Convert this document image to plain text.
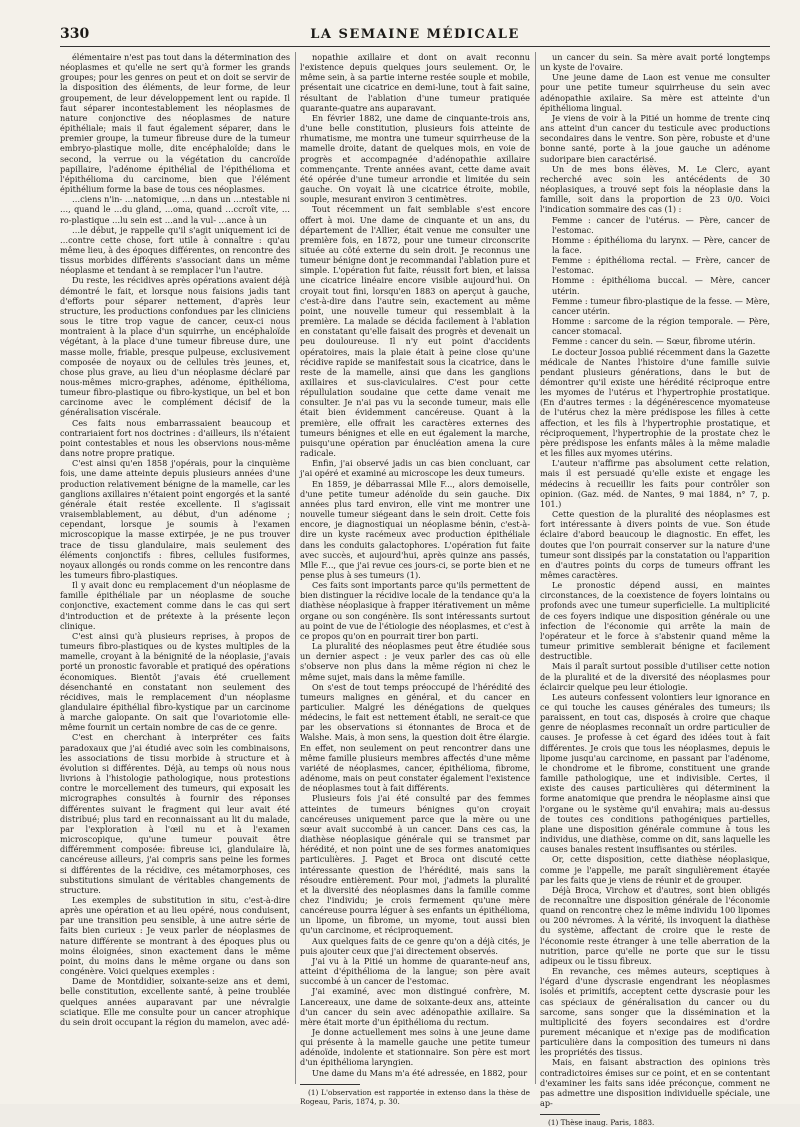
330	LA SEMAINE MÉDICALE

élémentaire n'est pas tout dans la détermination des néoplasmes et qu'elle ne sert qu'à former les grands groupes; pour les genres on peut et on doit se servir de la disposition des éléments, de leur forme, de leur groupement, de leur développement lent ou rapide. Il faut séparer incontestablement les néoplasmes de nature conjonctive des néoplasmes de nature épithéliale; mais il faut également séparer, dans le premier groupe, la tumeur fibreuse dure de la tumeur embryo-plastique molle, dite encéphaloïde; dans le second, la verrue ou la végétation du cancroïde papillaire, l'adénome épithélial de l'épithélioma et l'épithélioma du carcinome, bien que l'élément épithélium forme la base de tous ces néoplasmes.

…ciens n'in- …natomique, …n dans un …ntestable ni …, quand le …du gland, …oma, quand …ccroît vite, …ro-plastique …lu sein est …and la vul- …ance à un

…le début, je rappelle qu'il s'agit uniquement ici de …contre cette chose, fort utile à connaître : qu'au même lieu, à des époques différentes, on rencontre des tissus morbides différents s'associant dans un même néoplasme et tendant à se remplacer l'un l'autre.

Du reste, les récidives après opérations avaient déjà démontré le fait, et lorsque nous faisions jadis tant d'efforts pour séparer nettement, d'après leur structure, les productions confondues par les cliniciens sous le titre trop vague de cancer, ceux-ci nous montraient à la place d'un squirrhe, un encéphaloïde végétant, à la place d'une tumeur fibreuse dure, une masse molle, friable, presque pulpeuse, exclusivement composée de noyaux ou de cellules très jeunes, et, chose plus grave, au lieu d'un néoplasme déclaré par nous-mêmes micro-graphes, adénome, épithélioma, tumeur fibro-plastique ou fibro-kystique, un bel et bon carcinome avec le complément décisif de la généralisation viscérale.

Ces faits nous embarrassaient beaucoup et contrariaient fort nos doctrines : d'ailleurs, ils n'étaient point contestables et nous les observions nous-même dans notre propre pratique.

C'est ainsi qu'en 1858 j'opérais, pour la cinquième fois, une dame atteinte depuis plusieurs années d'une production relativement bénigne de la mamelle, car les ganglions axillaires n'étaient point engorgés et la santé générale était restée excellente. Il s'agissait vraisemblablement, au début, d'un adénome ; cependant, lorsque je soumis à l'examen microscopique la masse extirpée, je ne pus trouver trace de tissu glandulaire, mais seulement des éléments conjonctifs : fibres, cellules fusiformes, noyaux allongés ou ronds comme on les rencontre dans les tumeurs fibro-plastiques.

Il y avait donc eu remplacement d'un néoplasme de famille épithéliale par un néoplasme de souche conjonctive, exactement comme dans le cas qui sert d'introduction et de prétexte à la présente leçon clinique.

C'est ainsi qu'à plusieurs reprises, à propos de tumeurs fibro-plastiques ou de kystes multiples de la mamelle, croyant à la bénignité de la néoplasie, j'avais porté un pronostic favorable et pratiqué des opérations économiques. Bientôt j'avais été cruellement désenchanté en constatant non seulement des récidives, mais le remplacement d'un néoplasme glandulaire épithélial fibro-kystique par un carcinome à marche galopante. On sait que l'ovariotomie elle-même fournit un certain nombre de cas de ce genre.

C'est en cherchant à interpréter ces faits paradoxaux que j'ai étudié avec soin les combinaisons, les associations de tissu morbide à structure et à évolution si différentes. Déjà, au temps où nous nous livrions à l'histologie pathologique, nous protestions contre le morcellement des tumeurs, qui exposait les micrographes consultés à fournir des réponses différentes suivant le fragment qui leur avait été distribué; plus tard en reconnaissant au lit du malade, par l'exploration à l'œil nu et à l'examen microscopique, qu'une tumeur pouvait être différemment composée: fibreuse ici, glandulaire là, cancéreuse ailleurs, j'ai compris sans peine les formes si différentes de la récidive, ces métamorphoses, ces substitutions simulant de véritables changements de structure.

Les exemples de substitution in situ, c'est-à-dire après une opération et au lieu opéré, nous conduisent, par une transition peu sensible, à une autre série de faits bien curieux : Je veux parler de néoplasmes de nature différente se montrant à des époques plus ou moins éloignées, sinon exactement dans le même point, du moins dans le même organe ou dans son congénère. Voici quelques exemples :

Dame de Montdidier, soixante-seize ans et demi, belle constitution, excellente santé, à peine troublée quelques années auparavant par une névralgie sciatique. Elle me consulte pour un cancer atrophique du sein droit occupant la région du mamelon, avec adé-

nopathie axillaire et dont on avait reconnu l'existence depuis quelques jours seulement. Or, le même sein, à sa partie interne restée souple et mobile, présentait une cicatrice en demi-lune, tout à fait saine, résultant de l'ablation d'une tumeur pratiquée quarante-quatre ans auparavant.

En février 1882, une dame de cinquante-trois ans, d'une belle constitution, plusieurs fois atteinte de rhumatisme, me montra une tumeur squirrheuse de la mamelle droite, datant de quelques mois, en voie de progrès et accompagnée d'adénopathie axillaire commençante. Trente années avant, cette dame avait été opérée d'une tumeur arrondie et limitée du sein gauche. On voyait là une cicatrice étroite, mobile, souple, mesurant environ 3 centimètres.

Tout récemment un fait semblable s'est encore offert à moi. Une dame de cinquante et un ans, du département de l'Allier, était venue me consulter une première fois, en 1872, pour une tumeur circonscrite située au côté externe du sein droit. Je reconnus une tumeur bénigne dont je recommandai l'ablation pure et simple. L'opération fut faite, réussit fort bien, et laissa une cicatrice linéaire encore visible aujourd'hui. On croyait tout fini, lorsqu'en 1883 on aperçut à gauche, c'est-à-dire dans l'autre sein, exactement au même point, une nouvelle tumeur qui ressemblait à la première. La malade se décida facilement à l'ablation en constatant qu'elle faisait des progrès et devenait un peu douloureuse. Il n'y eut point d'accidents opératoires, mais la plaie était à peine close qu'une récidive rapide se manifestait sous la cicatrice, dans le reste de la mamelle, ainsi que dans les ganglions axillaires et sus-claviculaires. C'est pour cette répullulation soudaine que cette dame venait me consulter. Je n'ai pas vu la seconde tumeur, mais elle était bien évidemment cancéreuse. Quant à la première, elle offrait les caractères externes des tumeurs bénignes et elle en eut également la marche, puisqu'une opération par énucléation amena la cure radicale.

Enfin, j'ai observé jadis un cas bien concluant, car j'ai opéré et examiné au microscope les deux tumeurs.

En 1859, je débarrassai Mlle F..., alors demoiselle, d'une petite tumeur adénoïde du sein gauche. Dix années plus tard environ, elle vint me montrer une nouvelle tumeur siégeant dans le sein droit. Cette fois encore, je diagnostiquai un néoplasme bénin, c'est-à-dire un kyste racémeux avec production épithéliale dans les conduits galactophores. L'opération fut faite avec succès, et aujourd'hui, après quinze ans passés, Mlle F..., que j'ai revue ces jours-ci, se porte bien et ne pense plus à ses tumeurs (1).

Ces faits sont importants parce qu'ils permettent de bien distinguer la récidive locale de la tendance qu'a la diathèse néoplasique à frapper itérativement un même organe ou son congénère. Ils sont intéressants surtout au point de vue de l'étiologie des néoplasmes, et c'est à ce propos qu'on en pourrait tirer bon parti.

La pluralité des néoplasmes peut être étudiée sous un dernier aspect : je veux parler des cas où elle s'observe non plus dans la même région ni chez le même sujet, mais dans la même famille.

On s'est de tout temps préoccupé de l'hérédité des tumeurs malignes en général, et du cancer en particulier. Malgré les dénégations de quelques médecins, le fait est nettement établi, ne serait-ce que par les observations si étonnantes de Broca et de Walshe. Mais, à mon sens, la question doit être élargie. En effet, non seulement on peut rencontrer dans une même famille plusieurs membres affectés d'une même variété de néoplasmes, cancer, épithélioma, fibrome, adénome, mais on peut constater également l'existence de néoplasmes tout à fait différents.

Plusieurs fois j'ai été consulté par des femmes atteintes de tumeurs bénignes qu'on croyait cancéreuses uniquement parce que la mère ou une sœur avait succombé à un cancer. Dans ces cas, la diathèse néoplasique générale qui se transmet par hérédité, et non point une de ses formes anatomiques particulières. J. Paget et Broca ont discuté cette intéressante question de l'hérédité, mais sans la résoudre entièrement. Pour moi, j'admets la pluralité et la diversité des néoplasmes dans la famille comme chez l'individu; je crois fermement qu'une mère cancéreuse pourra léguer à ses enfants un épithélioma, un lipome, un fibrome, un myome, tout aussi bien qu'un carcinome, et réciproquement.

Aux quelques faits de ce genre qu'on a déjà cités, je puis ajouter ceux que j'ai directement observés.

J'ai vu à la Pitié un homme de quarante-neuf ans, atteint d'épithélioma de la langue; son père avait succombé à un cancer de l'estomac.

J'ai examiné, avec mon distingué confrère, M. Lancereaux, une dame de soixante-deux ans, atteinte d'un cancer du sein avec adénopathie axillaire. Sa mère était morte d'un épithélioma du rectum.

Je donne actuellement mes soins à une jeune dame qui présente à la mamelle gauche une petite tumeur adénoïde, indolente et stationnaire. Son père est mort d'un épithélioma laryngien.

Une dame du Mans m'a été adressée, en 1882, pour

(1) L'observation est rapportée in extenso dans la thèse de Rogeau, Paris, 1874, p. 30.

un cancer du sein. Sa mère avait porté longtemps un kyste de l'ovaire.

Une jeune dame de Laon est venue me consulter pour une petite tumeur squirrheuse du sein avec adénopathie axilaire. Sa mère est atteinte d'un épithélioma lingual.

Je viens de voir à la Pitié un homme de trente cinq ans atteint d'un cancer du testicule avec productions secondaires dans le ventre. Son père, robuste et d'une bonne santé, porte à la joue gauche un adénome sudoripare bien caractérisé.

Un de mes bons élèves, M. Le Clerc, ayant recherché avec soin les antécédents de 30 néoplasiques, a trouvé sept fois la néoplasie dans la famille, soit dans la proportion de 23 0/0. Voici l'indication sommaire des cas (1) :

Femme : cancer de l'utérus. — Père, cancer de l'estomac.

Homme : épithélioma du larynx. — Père, cancer de la face.

Femme : épithélioma rectal. — Frère, cancer de l'estomac.

Homme : épithélioma buccal. — Mère, cancer utérin.

Femme : tumeur fibro-plastique de la fesse. — Mère, cancer utérin.

Homme : sarcome de la région temporale. — Père, cancer stomacal.

Femme : cancer du sein. — Sœur, fibrome utérin.

Le docteur Jossoa publié récemment dans la Gazette médicale de Nantes l'histoire d'une famille suivie pendant plusieurs générations, dans le but de démontrer qu'il existe une hérédité réciproque entre les myomes de l'utérus et l'hypertrophie prostatique. (En d'autres termes : la dégénérescence myomateuse de l'utérus chez la mère prédispose les filles à cette affection, et les fils à l'hypertrophie prostatique, et réciproquement, l'hypertrophie de la prostate chez le père prédispose les enfants mâles à la même maladie et les filles aux myomes utérins.

L'auteur n'affirme pas absolument cette relation, mais il est persuadé qu'elle existe et engage les médecins à recueillir les faits pour contrôler son opinion. (Gaz. méd. de Nantes, 9 mai 1884, n° 7, p. 101.)

Cette question de la pluralité des néoplasmes est fort intéressante à divers points de vue. Son étude éclaire d'abord beaucoup le diagnostic. En effet, les doutes que l'on pourrait conserver sur la nature d'une tumeur sont dissipés par la constatation ou l'apparition en d'autres points du corps de tumeurs offrant les mêmes caractères.

Le pronostic dépend aussi, en maintes circonstances, de la coexistence de foyers lointains ou profonds avec une tumeur superficielle. La multiplicité de ces foyers indique une disposition générale ou une infection de l'économie qui arrête la main de l'opérateur et le force à s'abstenir quand même la tumeur primitive semblerait bénigne et facilement destructible.

Mais il paraît surtout possible d'utiliser cette notion de la pluralité et de la diversité des néoplasmes pour éclaircir quelque peu leur étiologie.

Les auteurs confessent volontiers leur ignorance en ce qui touche les causes générales des tumeurs; ils paraissent, en tout cas, disposés à croire que chaque genre de néoplasmes reconnaît un ordre particulier de causes. Je professe à cet égard des idées tout à fait différentes. Je crois que tous les néoplasmes, depuis le lipome jusqu'au carcinome, en passant par l'adénome, le chondrome et le fibrome, constituent une grande famille pathologique, une et indivisible. Certes, il existe des causes particulières qui déterminent la forme anatomique que prendra le néoplasme ainsi que l'organe ou le système qu'il envahira; mais au-dessus de toutes ces conditions pathogéniques partielles, plane une disposition générale commune à tous les individus, une diathèse, comme on dit, sans laquelle les causes banales restent insuffisantes ou stériles.

Or, cette disposition, cette diathèse néoplasique, comme je l'appelle, me paraît singulièrement étayée par les faits que je viens de réunir et de grouper.

Déjà Broca, Virchow et d'autres, sont bien obligés de reconnaître une disposition générale de l'économie quand on rencontre chez le même individu 100 lipomes ou 200 névromes. À la vérité, ils invoquent la diathèse du système, affectant de croire que le reste de l'économie reste étranger à une telle aberration de la nutrition, parce qu'elle ne porte que sur le tissu adipeux ou le tissu fibreux.

En revanche, ces mêmes auteurs, sceptiques à l'égard d'une dyscrasie engendrant les néoplasmes isolés et primitifs, acceptent cette dyscrasie pour les cas spéciaux de généralisation du cancer ou du sarcome, sans songer que la dissémination et la multiplicité des foyers secondaires est d'ordre purement mécanique et n'exige pas de modification particulière dans la composition des tumeurs ni dans les propriétés des tissus.

Mais, en faisant abstraction des opinions très contradictoires émises sur ce point, et en se contentant d'examiner les faits sans idée préconçue, comment ne pas admettre une disposition individuelle spéciale, une ap-

(1) Thèse inaug. Paris, 1883.
